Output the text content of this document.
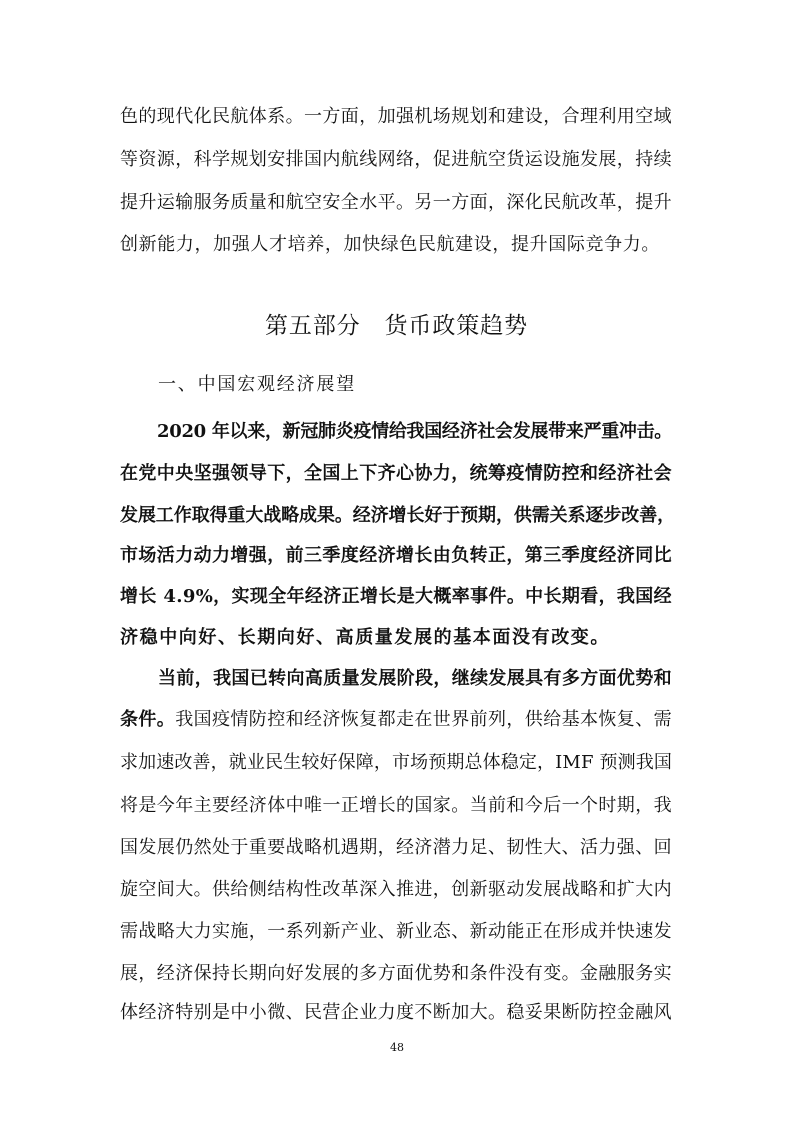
色的现代化民航体系。一方面，加强机场规划和建设，合理利用空域
等资源，科学规划安排国内航线网络，促进航空货运设施发展，持续
提升运输服务质量和航空安全水平。另一方面，深化民航改革，提升
创新能力，加强人才培养，加快绿色民航建设，提升国际竞争力。
第五部分　货币政策趋势
一、中国宏观经济展望
2020 年以来，新冠肺炎疫情给我国经济社会发展带来严重冲击。
在党中央坚强领导下，全国上下齐心协力，统筹疫情防控和经济社会
发展工作取得重大战略成果。经济增长好于预期，供需关系逐步改善，
市场活力动力增强，前三季度经济增长由负转正，第三季度经济同比
增长 4.9%，实现全年经济正增长是大概率事件。中长期看，我国经
济稳中向好、长期向好、高质量发展的基本面没有改变。
当前，我国已转向高质量发展阶段，继续发展具有多方面优势和
条件。我国疫情防控和经济恢复都走在世界前列，供给基本恢复、需
求加速改善，就业民生较好保障，市场预期总体稳定，IMF 预测我国
将是今年主要经济体中唯一正增长的国家。当前和今后一个时期，我
国发展仍然处于重要战略机遇期，经济潜力足、韧性大、活力强、回
旋空间大。供给侧结构性改革深入推进，创新驱动发展战略和扩大内
需战略大力实施，一系列新产业、新业态、新动能正在形成并快速发
展，经济保持长期向好发展的多方面优势和条件没有变。金融服务实
体经济特别是中小微、民营企业力度不断加大。稳妥果断防控金融风
48
